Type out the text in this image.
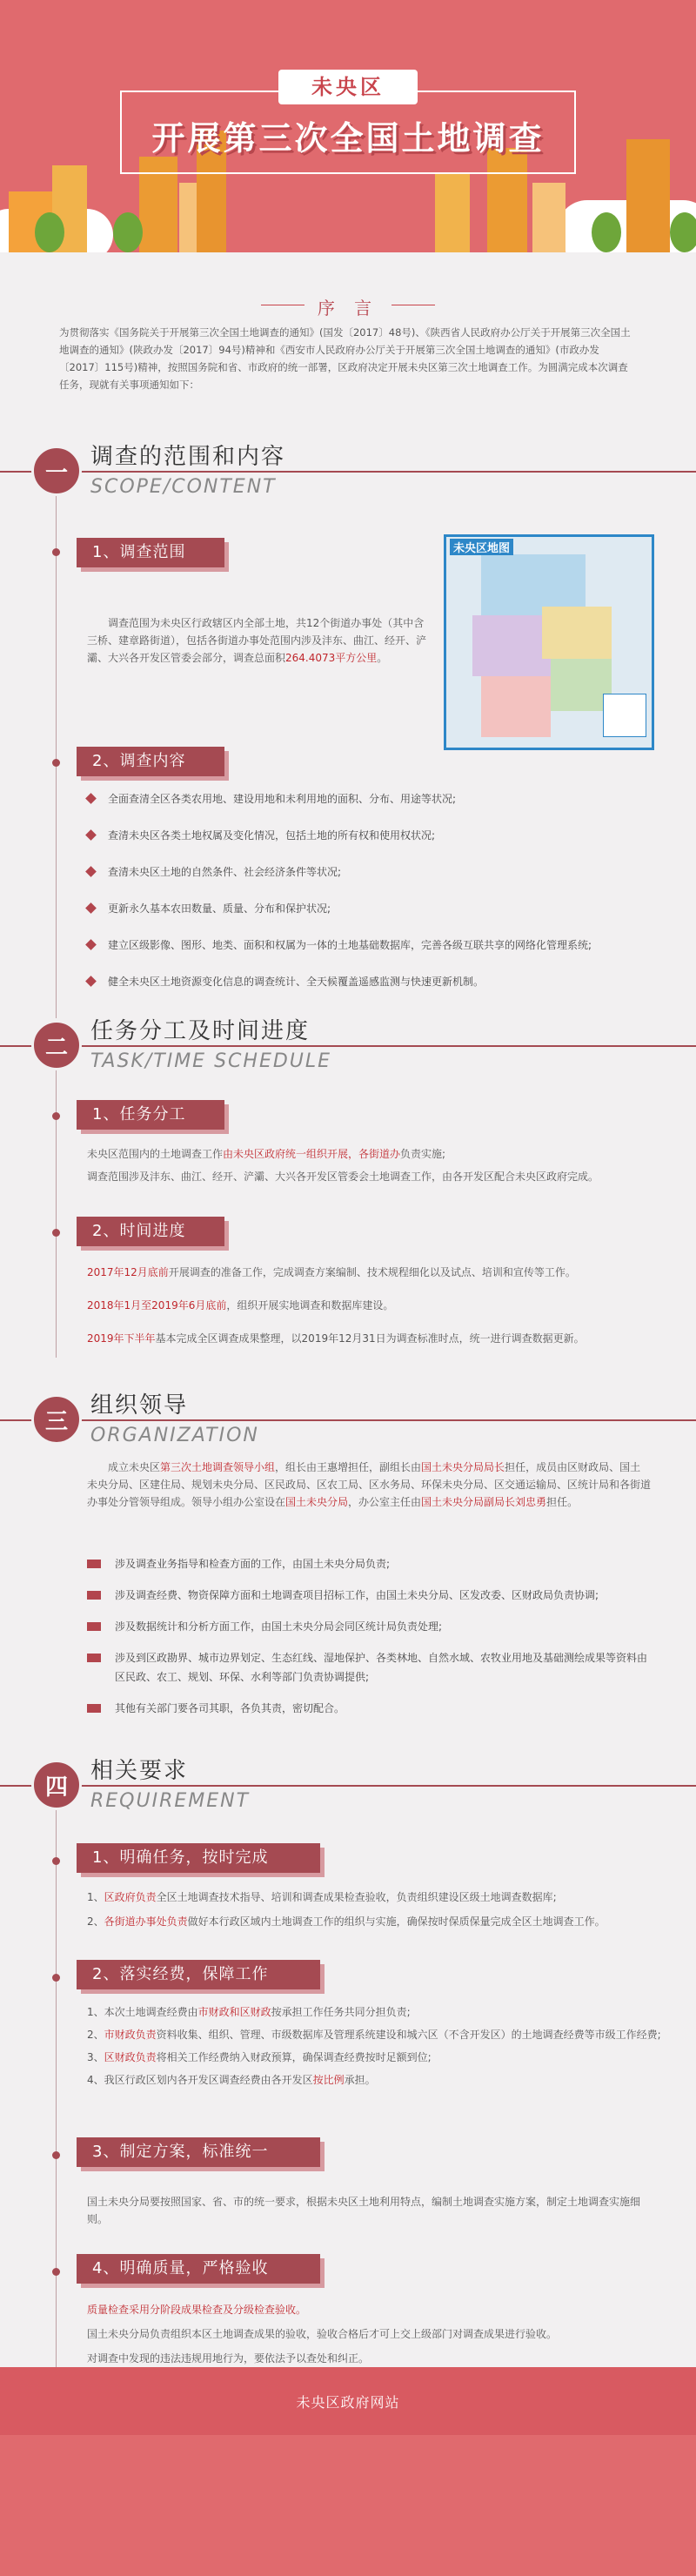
未央区
开展第三次全国土地调查
序 言
为贯彻落实《国务院关于开展第三次全国土地调查的通知》(国发〔2017〕48号)、《陕西省人民政府办公厅关于开展第三次全国土地调查的通知》(陕政办发〔2017〕94号)精神和《西安市人民政府办公厅关于开展第三次全国土地调查的通知》(市政办发〔2017〕115号)精神，按照国务院和省、市政府的统一部署，区政府决定开展未央区第三次土地调查工作。为圆满完成本次调查任务，现就有关事项通知如下：
一
调查的范围和内容
SCOPE/CONTENT
1、调查范围
调查范围为未央区行政辖区内全部土地，共12个街道办事处（其中含三桥、建章路街道），包括各街道办事处范围内涉及沣东、曲江、经开、浐灞、大兴各开发区管委会部分，调查总面积264.4073平方公里。
未央区地图
2、调查内容
全面查清全区各类农用地、建设用地和未利用地的面积、分布、用途等状况;
查清未央区各类土地权属及变化情况，包括土地的所有权和使用权状况;
查清未央区土地的自然条件、社会经济条件等状况;
更新永久基本农田数量、质量、分布和保护状况;
建立区级影像、图形、地类、面积和权属为一体的土地基础数据库，完善各级互联共享的网络化管理系统;
健全未央区土地资源变化信息的调查统计、全天候覆盖遥感监测与快速更新机制。
二
任务分工及时间进度
TASK/TIME SCHEDULE
1、任务分工
未央区范围内的土地调查工作由未央区政府统一组织开展，各街道办负责实施;
调查范围涉及沣东、曲江、经开、浐灞、大兴各开发区管委会土地调查工作，由各开发区配合未央区政府完成。
2、时间进度
2017年12月底前开展调查的准备工作，完成调查方案编制、技术规程细化以及试点、培训和宣传等工作。
2018年1月至2019年6月底前，组织开展实地调查和数据库建设。
2019年下半年基本完成全区调查成果整理，以2019年12月31日为调查标准时点，统一进行调查数据更新。
三
组织领导
ORGANIZATION
成立未央区第三次土地调查领导小组，组长由王惠增担任，副组长由国土未央分局局长担任，成员由区财政局、国土未央分局、区建住局、规划未央分局、区民政局、区农工局、区水务局、环保未央分局、区交通运输局、区统计局和各街道办事处分管领导组成。领导小组办公室设在国土未央分局，办公室主任由国土未央分局副局长刘忠勇担任。
涉及调查业务指导和检查方面的工作，由国土未央分局负责;
涉及调查经费、物资保障方面和土地调查项目招标工作，由国土未央分局、区发改委、区财政局负责协调;
涉及数据统计和分析方面工作，由国土未央分局会同区统计局负责处理;
涉及到区政勘界、城市边界划定、生态红线、湿地保护、各类林地、自然水域、农牧业用地及基础测绘成果等资料由区民政、农工、规划、环保、水利等部门负责协调提供;
其他有关部门要各司其职，各负其责，密切配合。
四
相关要求
REQUIREMENT
1、明确任务，按时完成
1、区政府负责全区土地调查技术指导、培训和调查成果检查验收，负责组织建设区级土地调查数据库;
2、各街道办事处负责做好本行政区域内土地调查工作的组织与实施，确保按时保质保量完成全区土地调查工作。
2、落实经费，保障工作
1、本次土地调查经费由市财政和区财政按承担工作任务共同分担负责;
2、市财政负责资料收集、组织、管理、市级数据库及管理系统建设和城六区（不含开发区）的土地调查经费等市级工作经费;
3、区财政负责将相关工作经费纳入财政预算，确保调查经费按时足额到位;
4、我区行政区划内各开发区调查经费由各开发区按比例承担。
3、制定方案，标准统一
国土未央分局要按照国家、省、市的统一要求，根据未央区土地利用特点，编制土地调查实施方案，制定土地调查实施细则。
4、明确质量，严格验收
质量检查采用分阶段成果检查及分级检查验收。
国土未央分局负责组织本区土地调查成果的验收，验收合格后才可上交上级部门对调查成果进行验收。
对调查中发现的违法违规用地行为，要依法予以查处和纠正。
未央区政府网站
